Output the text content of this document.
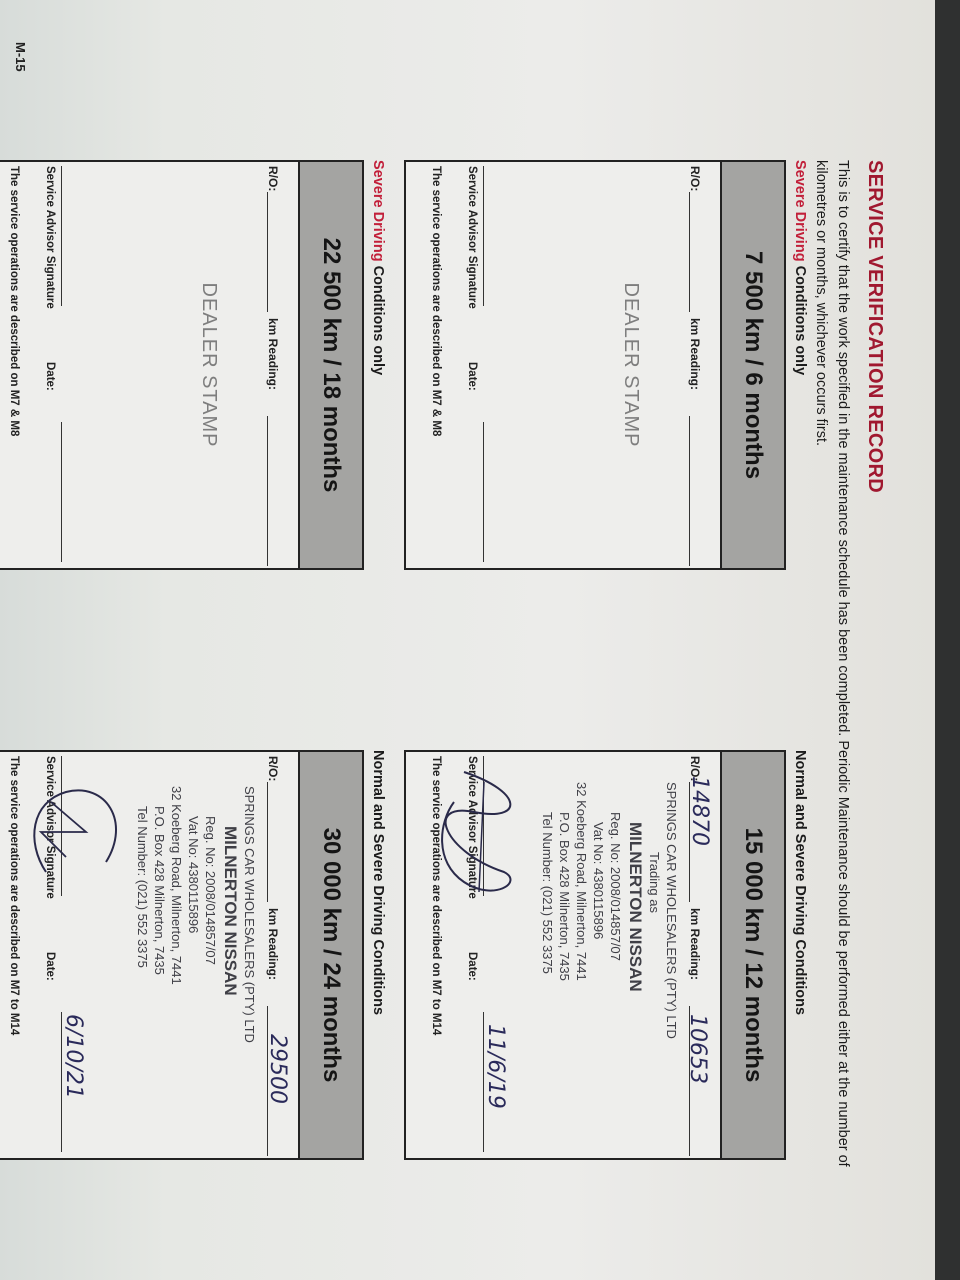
M-15
SERVICE VERIFICATION RECORD
This is to certify that the work specified in the maintenance schedule has been completed. Periodic Maintenance should be performed either at the number of kilometres or months, whichever occurs first.
Severe Driving Conditions only
7 500 km / 6 months
R/O:
km Reading:
DEALER STAMP
Service Advisor Signature
Date:
The service operations are described on M7 & M8
Severe Driving Conditions only
22 500 km / 18 months
R/O:
km Reading:
DEALER STAMP
Service Advisor Signature
Date:
The service operations are described on M7 & M8
Normal and Severe Driving Conditions
15 000 km / 12 months
R/O:
km Reading:
14870
10653
SPRINGS CAR WHOLESALERS (PTY) LTD
Trading as
MILNERTON NISSAN
Reg. No: 2008/014857/07
Vat No: 4380115896
32 Koeberg Road, Milnerton, 7441
P.O. Box 428 Milnerton, 7435
Tel Number: (021) 552 3375
Service Advisor Signature
Date:
11/6/19
The service operations are described on M7 to M14
Normal and Severe Driving Conditions
30 000 km / 24 months
R/O:
km Reading:
29500
SPRINGS CAR WHOLESALERS (PTY) LTD
MILNERTON NISSAN
Reg. No: 2008/014857/07
Vat No: 4380115896
32 Koeberg Road, Milnerton, 7441
P.O. Box 428 Milnerton, 7435
Tel Number: (021) 552 3375
Service Advisor Signature
Date:
6/10/21
The service operations are described on M7 to M14
